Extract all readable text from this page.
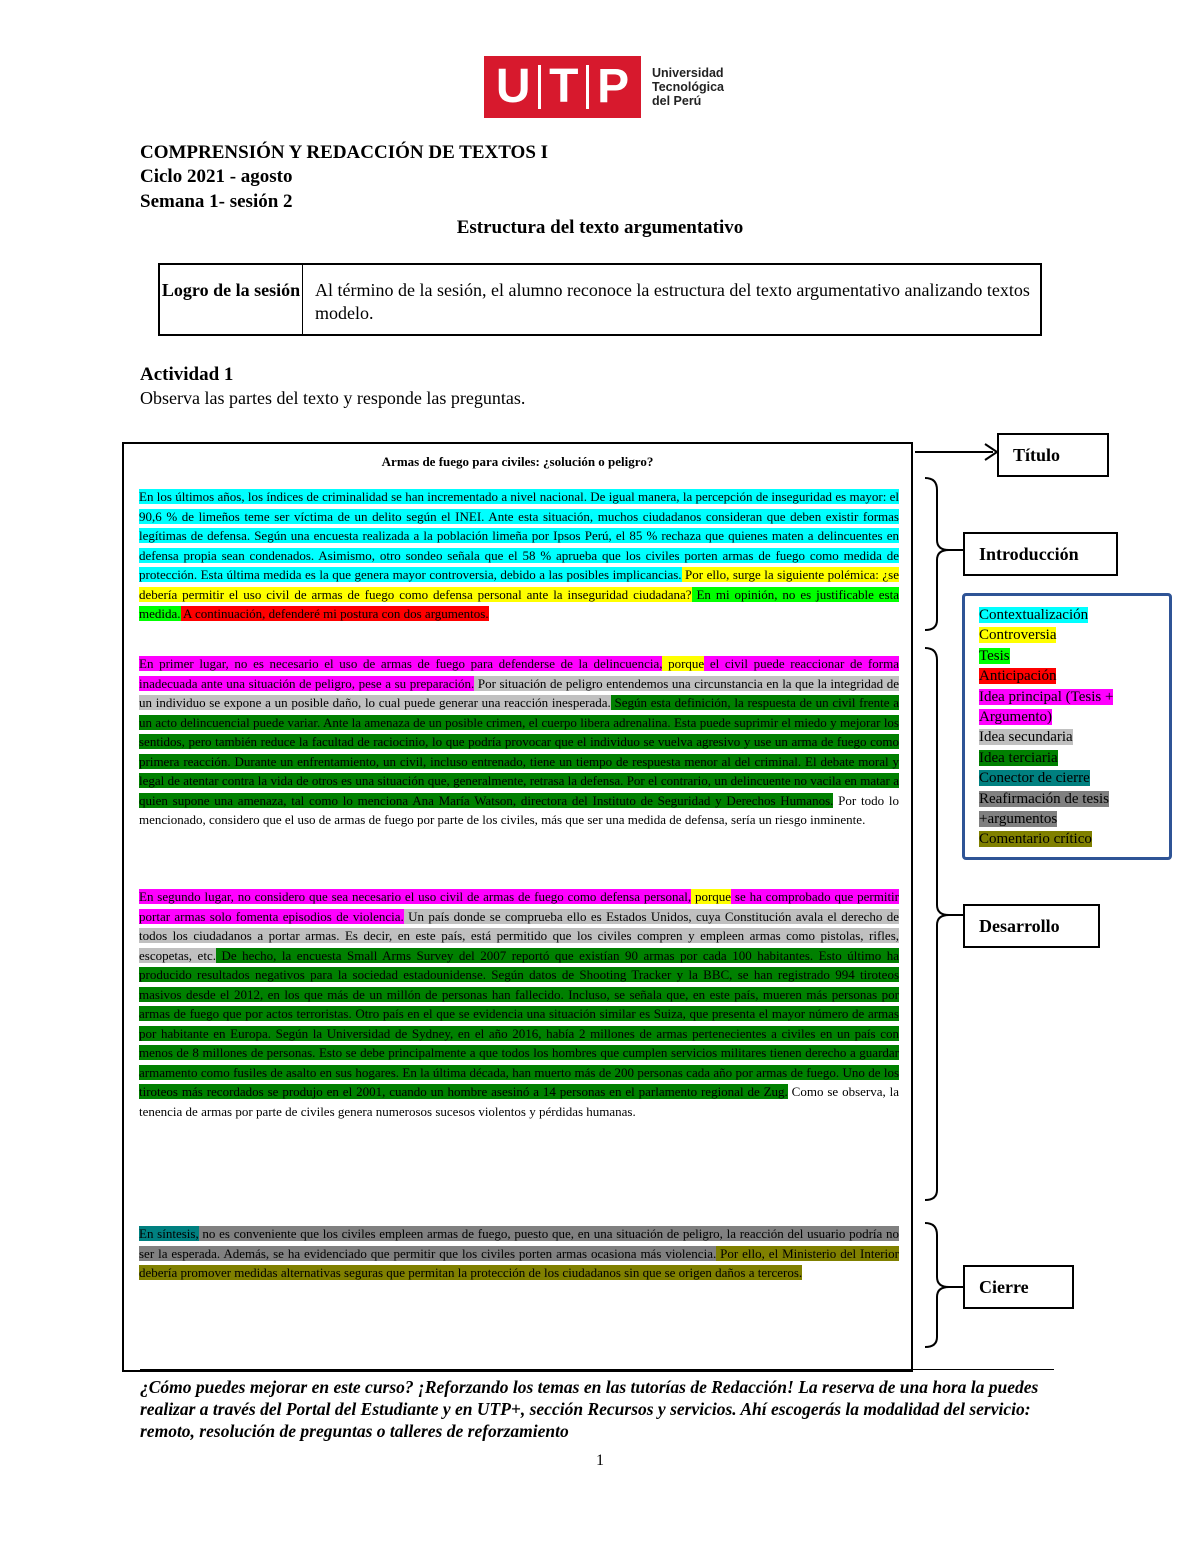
U T P Universidad
Tecnológica
del Perú
COMPRENSIÓN Y REDACCIÓN DE TEXTOS I
Ciclo 2021 - agosto
Semana 1- sesión 2
Estructura del texto argumentativo
Logro de la sesión Al término de la sesión, el alumno reconoce la estructura del texto argumentativo analizando textos modelo.
Actividad 1
Observa las partes del texto y responde las preguntas.
Armas de fuego para civiles: ¿solución o peligro?
En los últimos años, los índices de criminalidad se han incrementado a nivel nacional. De igual manera, la percepción de inseguridad es mayor: el 90,6 % de limeños teme ser víctima de un delito según el INEI. Ante esta situación, muchos ciudadanos consideran que deben existir formas legítimas de defensa. Según una encuesta realizada a la población limeña por Ipsos Perú, el 85 % rechaza que quienes maten a delincuentes en defensa propia sean condenados. Asimismo, otro sondeo señala que el 58 % aprueba que los civiles porten armas de fuego como medida de protección. Esta última medida es la que genera mayor controversia, debido a las posibles implicancias. Por ello, surge la siguiente polémica: ¿se debería permitir el uso civil de armas de fuego como defensa personal ante la inseguridad ciudadana? En mi opinión, no es justificable esta medida. A continuación, defenderé mi postura con dos argumentos.
En primer lugar, no es necesario el uso de armas de fuego para defenderse de la delincuencia, porque el civil puede reaccionar de forma inadecuada ante una situación de peligro, pese a su preparación. Por situación de peligro entendemos una circunstancia en la que la integridad de un individuo se expone a un posible daño, lo cual puede generar una reacción inesperada. Según esta definición, la respuesta de un civil frente a un acto delincuencial puede variar. Ante la amenaza de un posible crimen, el cuerpo libera adrenalina. Esta puede suprimir el miedo y mejorar los sentidos, pero también reduce la facultad de raciocinio, lo que podría provocar que el individuo se vuelva agresivo y use un arma de fuego como primera reacción. Durante un enfrentamiento, un civil, incluso entrenado, tiene un tiempo de respuesta menor al del criminal. El debate moral y legal de atentar contra la vida de otros es una situación que, generalmente, retrasa la defensa. Por el contrario, un delincuente no vacila en matar a quien supone una amenaza, tal como lo menciona Ana María Watson, directora del Instituto de Seguridad y Derechos Humanos. Por todo lo mencionado, considero que el uso de armas de fuego por parte de los civiles, más que ser una medida de defensa, sería un riesgo inminente.
En segundo lugar, no considero que sea necesario el uso civil de armas de fuego como defensa personal, porque se ha comprobado que permitir portar armas solo fomenta episodios de violencia. Un país donde se comprueba ello es Estados Unidos, cuya Constitución avala el derecho de todos los ciudadanos a portar armas. Es decir, en este país, está permitido que los civiles compren y empleen armas como pistolas, rifles, escopetas, etc. De hecho, la encuesta Small Arms Survey del 2007 reportó que existían 90 armas por cada 100 habitantes. Esto último ha producido resultados negativos para la sociedad estadounidense. Según datos de Shooting Tracker y la BBC, se han registrado 994 tiroteos masivos desde el 2012, en los que más de un millón de personas han fallecido. Incluso, se señala que, en este país, mueren más personas por armas de fuego que por actos terroristas. Otro país en el que se evidencia una situación similar es Suiza, que presenta el mayor número de armas por habitante en Europa. Según la Universidad de Sydney, en el año 2016, había 2 millones de armas pertenecientes a civiles en un país con menos de 8 millones de personas. Esto se debe principalmente a que todos los hombres que cumplen servicios militares tienen derecho a guardar armamento como fusiles de asalto en sus hogares. En la última década, han muerto más de 200 personas cada año por armas de fuego. Uno de los tiroteos más recordados se produjo en el 2001, cuando un hombre asesinó a 14 personas en el parlamento regional de Zug. Como se observa, la tenencia de armas por parte de civiles genera numerosos sucesos violentos y pérdidas humanas.
En síntesis, no es conveniente que los civiles empleen armas de fuego, puesto que, en una situación de peligro, la reacción del usuario podría no ser la esperada. Además, se ha evidenciado que permitir que los civiles porten armas ocasiona más violencia. Por ello, el Ministerio del Interior debería promover medidas alternativas seguras que permitan la protección de los ciudadanos sin que se origen daños a terceros.
Título
Introducción
Desarrollo
Cierre
Contextualización
Controversia
Tesis
Anticipación
Idea principal (Tesis +
Argumento)
Idea secundaria
Idea terciaria
Conector de cierre
Reafirmación de tesis
+argumentos
Comentario crítico
¿Cómo puedes mejorar en este curso? ¡Reforzando los temas en las tutorías de Redacción! La reserva de una hora la puedes realizar a través del Portal del Estudiante y en UTP+, sección Recursos y servicios. Ahí escogerás la modalidad del servicio: remoto, resolución de preguntas o talleres de reforzamiento
1
